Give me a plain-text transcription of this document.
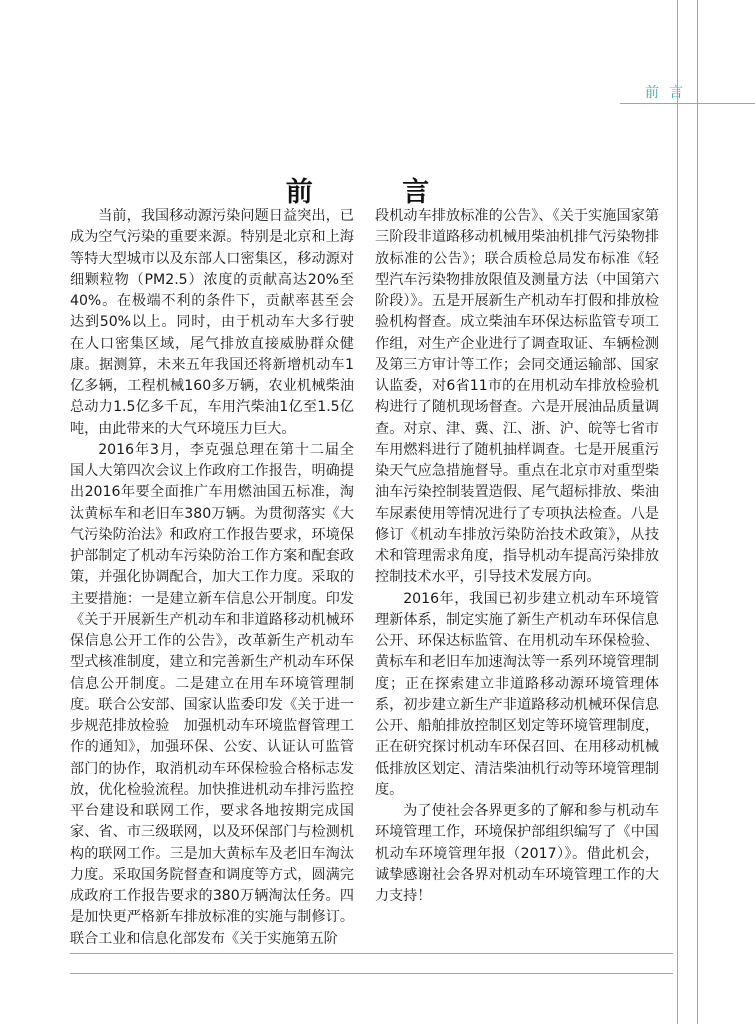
前言
前 言

当前，我国移动源污染问题日益突出，已成为空气污染的重要来源。特别是北京和上海等特大型城市以及东部人口密集区，移动源对细颗粒物（PM2.5）浓度的贡献高达20%至40%。在极端不利的条件下，贡献率甚至会达到50%以上。同时，由于机动车大多行驶在人口密集区域，尾气排放直接威胁群众健康。据测算，未来五年我国还将新增机动车1亿多辆，工程机械160多万辆，农业机械柴油总动力1.5亿多千瓦，车用汽柴油1亿至1.5亿吨，由此带来的大气环境压力巨大。

2016年3月，李克强总理在第十二届全国人大第四次会议上作政府工作报告，明确提出2016年要全面推广车用燃油国五标准，淘汰黄标车和老旧车380万辆。为贯彻落实《大气污染防治法》和政府工作报告要求，环境保护部制定了机动车污染防治工作方案和配套政策，并强化协调配合，加大工作力度。采取的主要措施：一是建立新车信息公开制度。印发《关于开展新生产机动车和非道路移动机械环保信息公开工作的公告》，改革新生产机动车型式核准制度，建立和完善新生产机动车环保信息公开制度。二是建立在用车环境管理制度。联合公安部、国家认监委印发《关于进一步规范排放检验　加强机动车环境监督管理工作的通知》，加强环保、公安、认证认可监管部门的协作，取消机动车环保检验合格标志发放，优化检验流程。加快推进机动车排污监控平台建设和联网工作，要求各地按期完成国家、省、市三级联网，以及环保部门与检测机构的联网工作。三是加大黄标车及老旧车淘汰力度。采取国务院督查和调度等方式，圆满完成政府工作报告要求的380万辆淘汰任务。四是加快更严格新车排放标准的实施与制修订。联合工业和信息化部发布《关于实施第五阶

段机动车排放标准的公告》、《关于实施国家第三阶段非道路移动机械用柴油机排气污染物排放标准的公告》；联合质检总局发布标准《轻型汽车污染物排放限值及测量方法（中国第六阶段）》。五是开展新生产机动车打假和排放检验机构督查。成立柴油车环保达标监管专项工作组，对生产企业进行了调查取证、车辆检测及第三方审计等工作；会同交通运输部、国家认监委，对6省11市的在用机动车排放检验机构进行了随机现场督查。六是开展油品质量调查。对京、津、冀、江、浙、沪、皖等七省市车用燃料进行了随机抽样调查。七是开展重污染天气应急措施督导。重点在北京市对重型柴油车污染控制装置造假、尾气超标排放、柴油车尿素使用等情况进行了专项执法检查。八是修订《机动车排放污染防治技术政策》，从技术和管理需求角度，指导机动车提高污染排放控制技术水平，引导技术发展方向。

2016年，我国已初步建立机动车环境管理新体系，制定实施了新生产机动车环保信息公开、环保达标监管、在用机动车环保检验、黄标车和老旧车加速淘汰等一系列环境管理制度；正在探索建立非道路移动源环境管理体系，初步建立新生产非道路移动机械环保信息公开、船舶排放控制区划定等环境管理制度，正在研究探讨机动车环保召回、在用移动机械低排放区划定、清洁柴油机行动等环境管理制度。

为了使社会各界更多的了解和参与机动车环境管理工作，环境保护部组织编写了《中国机动车环境管理年报（2017）》。借此机会，诚挚感谢社会各界对机动车环境管理工作的大力支持！
